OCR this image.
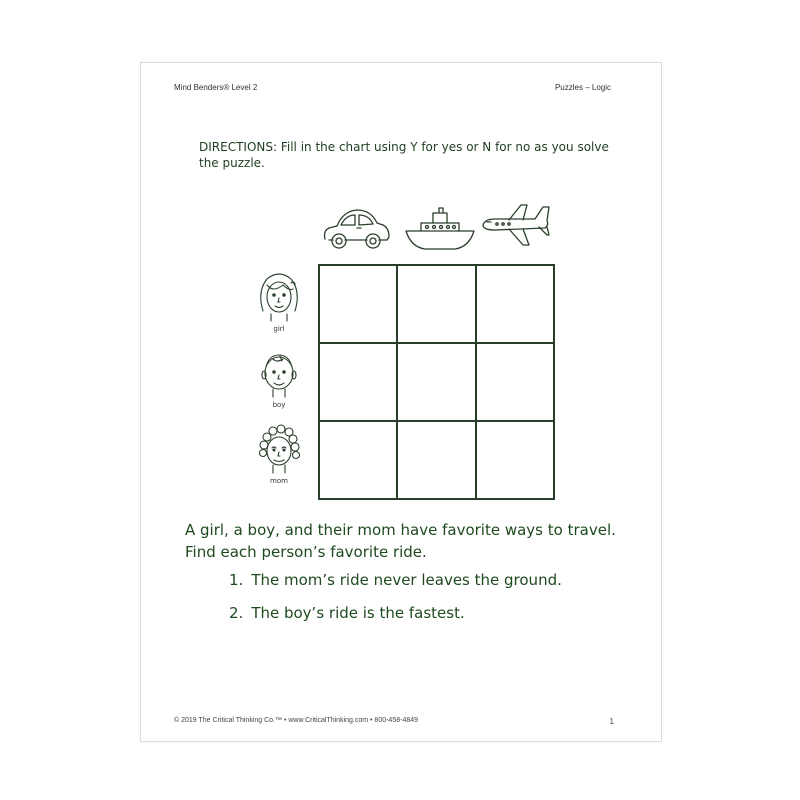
Mind Benders® Level 2	Puzzles – Logic
DIRECTIONS: Fill in the chart using Y for yes or N for no as you solve the puzzle.
girl
boy
mom
A girl, a boy, and their mom have favorite ways to travel. Find each person’s favorite ride.
1. The mom’s ride never leaves the ground.
2. The boy’s ride is the fastest.
© 2019 The Critical Thinking Co.™ • www.CriticalThinking.com • 800-458-4849	1
